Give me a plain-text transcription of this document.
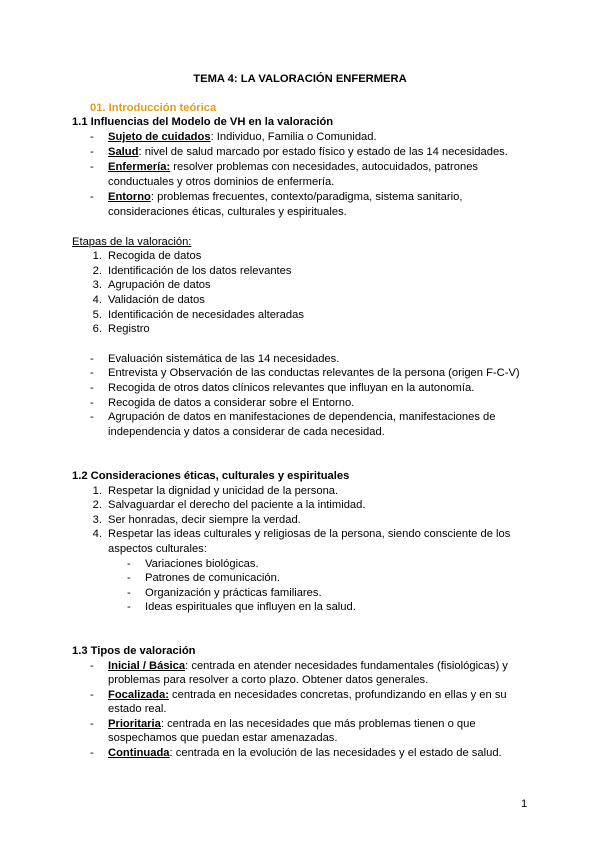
TEMA 4: LA VALORACIÓN ENFERMERA
01. Introducción teórica
1.1 Influencias del Modelo de VH en la valoración
- Sujeto de cuidados: Individuo, Familia o Comunidad.
- Salud: nivel de salud marcado por estado físico y estado de las 14 necesidades.
- Enfermería: resolver problemas con necesidades, autocuidados, patrones
conductuales y otros dominios de enfermería.
- Entorno: problemas frecuentes, contexto/paradigma, sistema sanitario,
consideraciones éticas, culturales y espirituales.
Etapas de la valoración:
1. Recogida de datos
2. Identificación de los datos relevantes
3. Agrupación de datos
4. Validación de datos
5. Identificación de necesidades alteradas
6. Registro
- Evaluación sistemática de las 14 necesidades.
- Entrevista y Observación de las conductas relevantes de la persona (origen F-C-V)
- Recogida de otros datos clínicos relevantes que influyan en la autonomía.
- Recogida de datos a considerar sobre el Entorno.
- Agrupación de datos en manifestaciones de dependencia, manifestaciones de
independencia y datos a considerar de cada necesidad.
1.2 Consideraciones éticas, culturales y espirituales
1. Respetar la dignidad y unicidad de la persona.
2. Salvaguardar el derecho del paciente a la intimidad.
3. Ser honradas, decir siempre la verdad.
4. Respetar las ideas culturales y religiosas de la persona, siendo consciente de los
aspectos culturales:
- Variaciones biológicas.
- Patrones de comunicación.
- Organización y prácticas familiares.
- Ideas espirituales que influyen en la salud.
1.3 Tipos de valoración
- Inicial / Básica: centrada en atender necesidades fundamentales (fisiológicas) y
problemas para resolver a corto plazo. Obtener datos generales.
- Focalizada: centrada en necesidades concretas, profundizando en ellas y en su
estado real.
- Prioritaria: centrada en las necesidades que más problemas tienen o que
sospechamos que puedan estar amenazadas.
- Continuada: centrada en la evolución de las necesidades y el estado de salud.
1
